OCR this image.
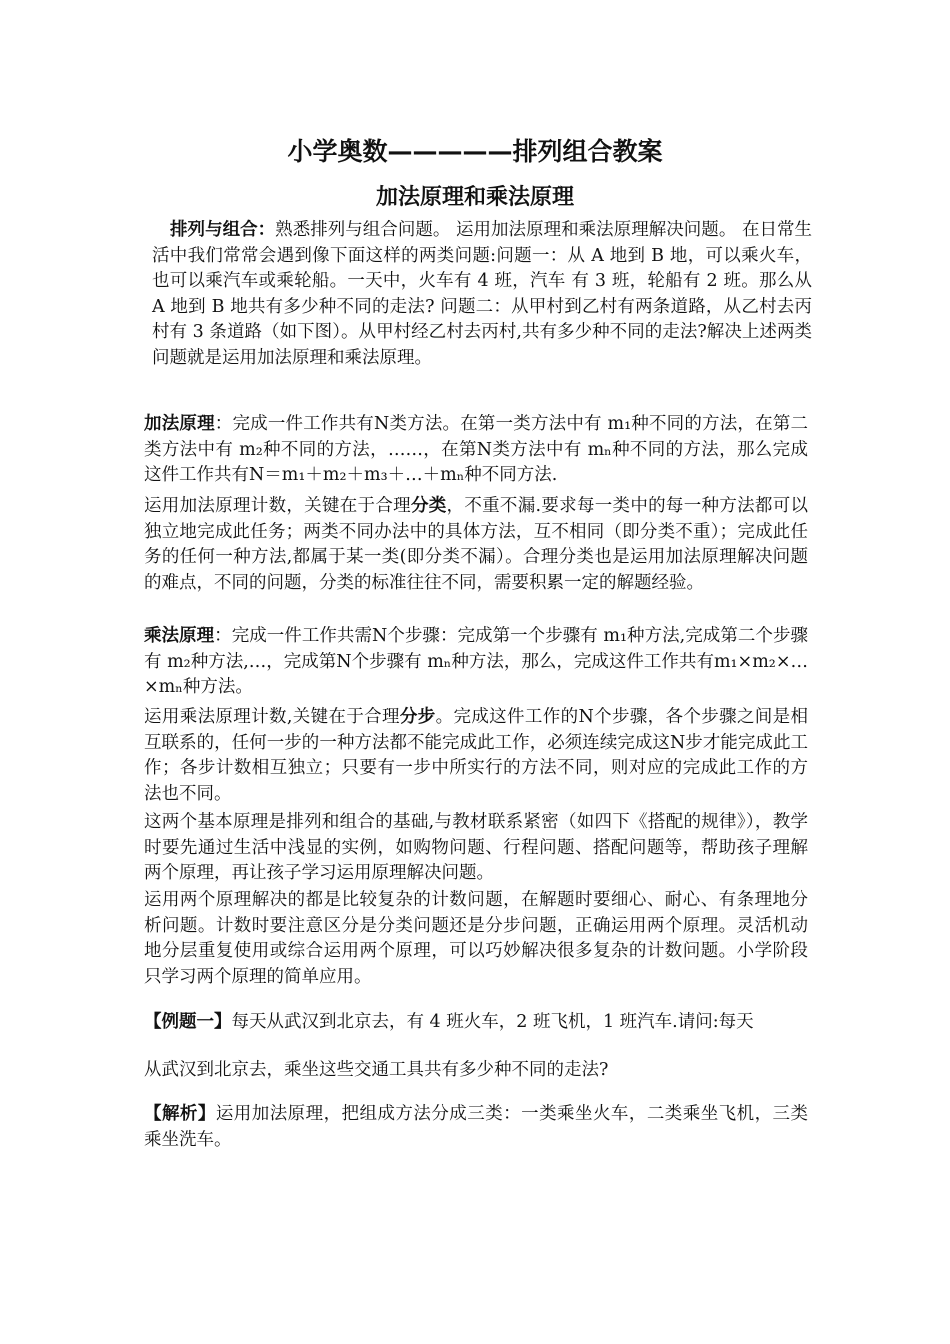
小学奥数—————排列组合教案
加法原理和乘法原理
排列与组合：熟悉排列与组合问题。 运用加法原理和乘法原理解决问题。 在日常生活中我们常常会遇到像下面这样的两类问题:问题一：从 A 地到 B 地，可以乘火车，也可以乘汽车或乘轮船。一天中，火车有 4 班，汽车 有 3 班，轮船有 2 班。那么从 A 地到 B 地共有多少种不同的走法? 问题二：从甲村到乙村有两条道路，从乙村去丙村有 3 条道路（如下图）。从甲村经乙村去丙村,共有多少种不同的走法?解决上述两类问题就是运用加法原理和乘法原理。
加法原理：完成一件工作共有N类方法。在第一类方法中有 m₁种不同的方法，在第二类方法中有 m₂种不同的方法，……，在第N类方法中有 mₙ种不同的方法，那么完成这件工作共有N＝m₁＋m₂＋m₃＋…＋mₙ种不同方法.
运用加法原理计数，关键在于合理分类，不重不漏.要求每一类中的每一种方法都可以独立地完成此任务；两类不同办法中的具体方法，互不相同（即分类不重）；完成此任务的任何一种方法,都属于某一类(即分类不漏）。合理分类也是运用加法原理解决问题的难点，不同的问题，分类的标准往往不同，需要积累一定的解题经验。
乘法原理：完成一件工作共需N个步骤：完成第一个步骤有 m₁种方法,完成第二个步骤有 m₂种方法,…，完成第N个步骤有 mₙ种方法，那么，完成这件工作共有m₁×m₂×…×mₙ种方法。
运用乘法原理计数,关键在于合理分步。完成这件工作的N个步骤，各个步骤之间是相互联系的，任何一步的一种方法都不能完成此工作，必须连续完成这N步才能完成此工作；各步计数相互独立；只要有一步中所实行的方法不同，则对应的完成此工作的方法也不同。
这两个基本原理是排列和组合的基础,与教材联系紧密（如四下《搭配的规律》），教学时要先通过生活中浅显的实例，如购物问题、行程问题、搭配问题等，帮助孩子理解两个原理，再让孩子学习运用原理解决问题。
运用两个原理解决的都是比较复杂的计数问题，在解题时要细心、耐心、有条理地分析问题。计数时要注意区分是分类问题还是分步问题，正确运用两个原理。灵活机动地分层重复使用或综合运用两个原理，可以巧妙解决很多复杂的计数问题。小学阶段只学习两个原理的简单应用。
【例题一】每天从武汉到北京去，有 4 班火车，2 班飞机，1 班汽车.请问:每天
从武汉到北京去，乘坐这些交通工具共有多少种不同的走法?
【解析】运用加法原理，把组成方法分成三类：一类乘坐火车，二类乘坐飞机，三类乘坐洗车。
